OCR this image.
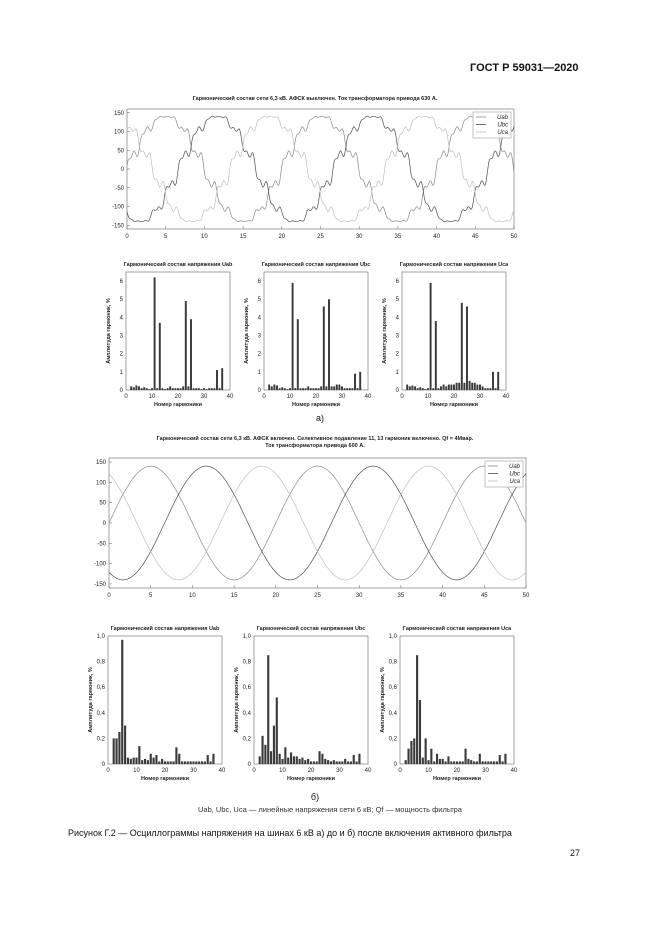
ГОСТ Р 59031—2020
Гармонический состав сети 6,3 кВ. АФСК выключен. Ток трансформатора привода 630 А.
0	5	10	15	20	25	30	35	40	45	50
150
100
50
0
-50
-100
-150
Uab
Ubc
Uca
Гармонический состав напряжения Uab
0	10	20	30	40
0
1
2
3
4
5
6
Номер гармоники
Амплитуда гармоник, %
Гармонический состав напряжения Ubc
0	10	20	30	40
0
1
2
3
4
5
6
Номер гармоники
Амплитуда гармоник, %
Гармонический состав напряжения Uca
0	10	20	30	40
0
1
2
3
4
5
6
Номер гармоники
Амплитуда гармоник, %
а)
Гармонический состав сети 6,3 кВ. АФСК включен. Селективное подавление 11, 13 гармоник включено. Qf = 4Мвар.
Ток трансформатора привода 600 А.
0	5	10	15	20	25	30	35	40	45	50
150
100
50
0
-50
-100
-150
Uab
Ubc
Uca
Гармонический состав напряжения Uab
0	10	20	30	40
0
0,2
0,4
0,6
0,8
1,0
Номер гармоники
Амплитуда гармоник, %
Гармонический состав напряжения Ubc
0	10	20	30	40
0
0,2
0,4
0,6
0,8
1,0
Номер гармоники
Амплитуда гармоник, %
Гармонический состав напряжения Uca
0	10	20	30	40
0
0,2
0,4
0,6
0,8
1,0
Номер гармоники
Амплитуда гармоник, %
б)
Uab, Ubc, Uca — линейные напряжения сети 6 кВ; Qf — мощность фильтра
Рисунок Г.2 — Осциллограммы напряжения на шинах 6 кВ а) до и б) после включения активного фильтра
27
